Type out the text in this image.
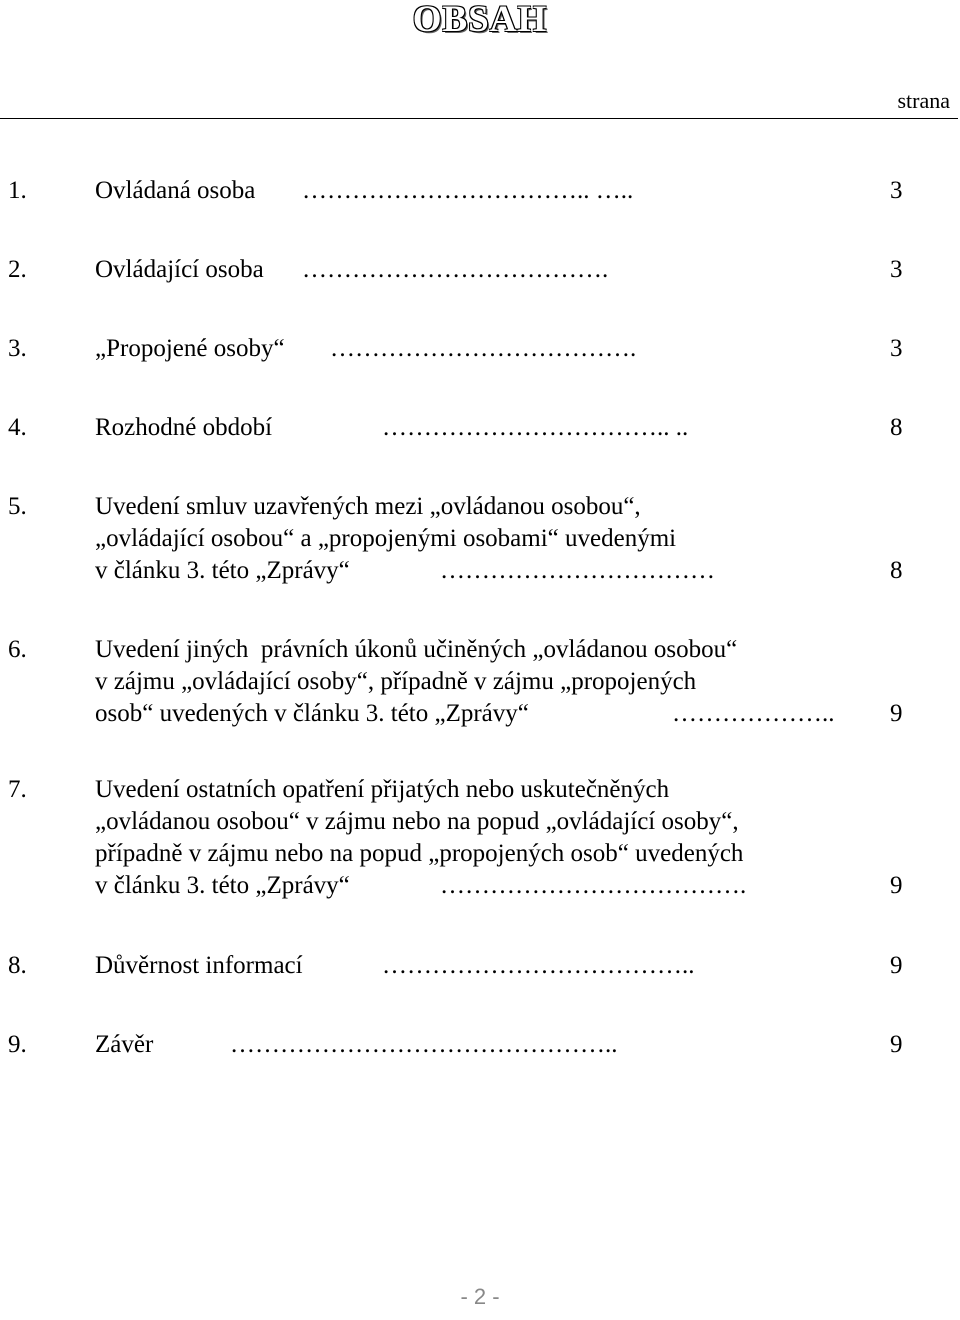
OBSAH
strana
1.	Ovládaná osoba …………………………….. …..	3
2.	Ovládající osoba ……………………………….	3
3.	„Propojené osoby“ ……………………………….	3
4.	Rozhodné období	…………………………….. ..	8
5.	Uvedení smluv uzavřených mezi „ovládanou osobou“,
„ovládající osobou“ a „propojenými osobami“ uvedenými
v článku 3. této „Zprávy“	……………………………	8
6.	Uvedení jiných  právních úkonů učiněných „ovládanou osobou“
v zájmu „ovládající osoby“, případně v zájmu „propojených
osob“ uvedených v článku 3. této „Zprávy“	……………….. 9
7.	Uvedení ostatních opatření přijatých nebo uskutečněných
„ovládanou osobou“ v zájmu nebo na popud „ovládající osoby“,
případně v zájmu nebo na popud „propojených osob“ uvedených
v článku 3. této „Zprávy“	……………………………….	9
8.	Důvěrnost informací	………………………………..	9
9.	Závěr	………………………………………..	9
- 2 -
